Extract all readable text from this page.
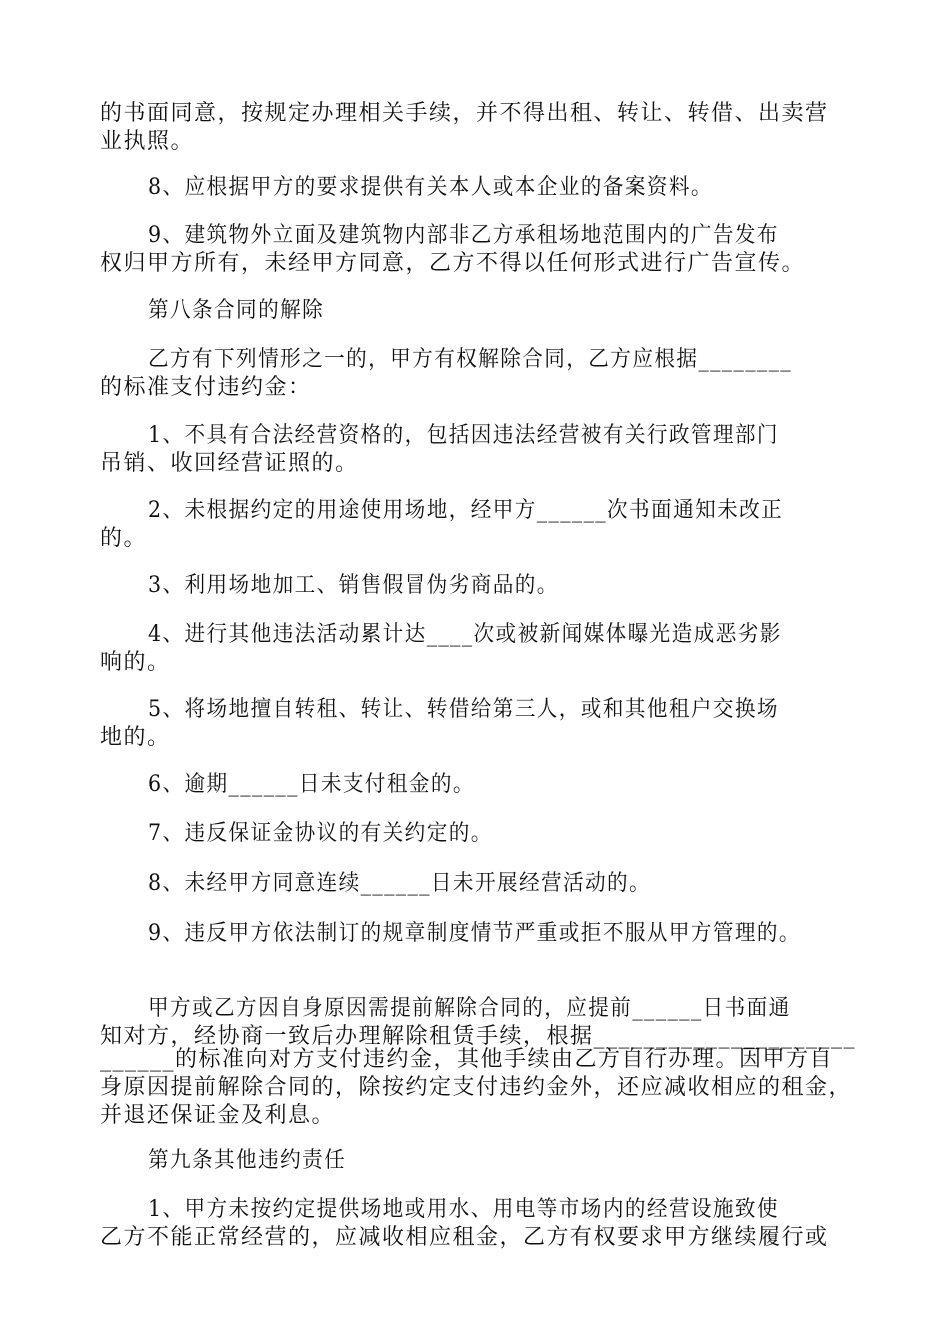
的书面同意，按规定办理相关手续，并不得出租、转让、转借、出卖营
业执照。
8、应根据甲方的要求提供有关本人或本企业的备案资料。
9、建筑物外立面及建筑物内部非乙方承租场地范围内的广告发布
权归甲方所有，未经甲方同意，乙方不得以任何形式进行广告宣传。
第八条合同的解除
乙方有下列情形之一的，甲方有权解除合同，乙方应根据________
的标准支付违约金：
1、不具有合法经营资格的，包括因违法经营被有关行政管理部门
吊销、收回经营证照的。
2、未根据约定的用途使用场地，经甲方______次书面通知未改正
的。
3、利用场地加工、销售假冒伪劣商品的。
4、进行其他违法活动累计达____次或被新闻媒体曝光造成恶劣影
响的。
5、将场地擅自转租、转让、转借给第三人，或和其他租户交换场
地的。
6、逾期______日未支付租金的。
7、违反保证金协议的有关约定的。
8、未经甲方同意连续______日未开展经营活动的。
9、违反甲方依法制订的规章制度情节严重或拒不服从甲方管理的。
甲方或乙方因自身原因需提前解除合同的，应提前______日书面通
知对方，经协商一致后办理解除租赁手续，根据_____________________
______的标准向对方支付违约金，其他手续由乙方自行办理。因甲方自
身原因提前解除合同的，除按约定支付违约金外，还应减收相应的租金，
并退还保证金及利息。
第九条其他违约责任
1、甲方未按约定提供场地或用水、用电等市场内的经营设施致使
乙方不能正常经营的，应减收相应租金，乙方有权要求甲方继续履行或
